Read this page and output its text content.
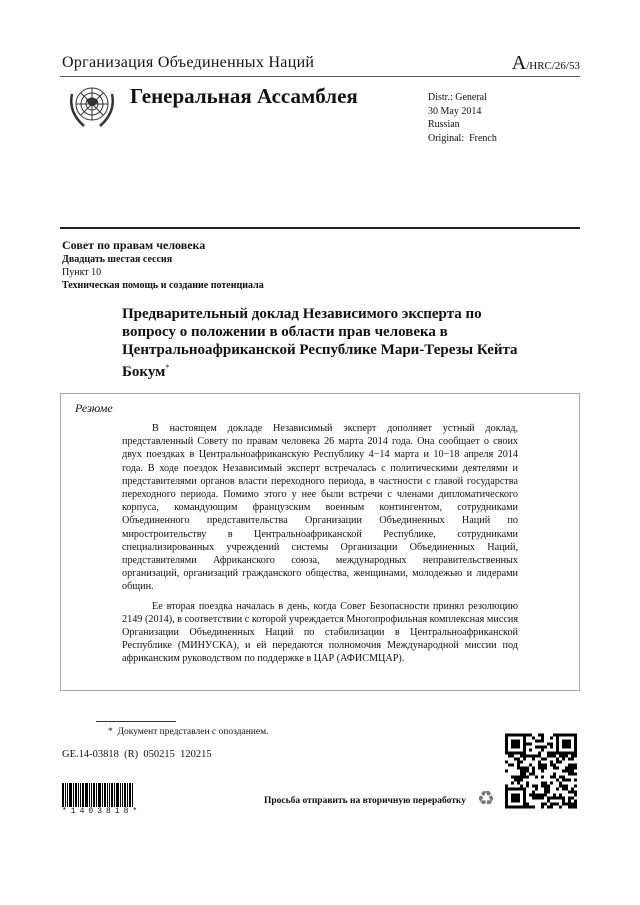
Организация Объединенных Наций	A/HRC/26/53
Генеральная Ассамблея	Distr.: General
30 May 2014
Russian
Original:  French
Совет по правам человека
Двадцать шестая сессия
Пункт 10
Техническая помощь и создание потенциала
Предварительный доклад Независимого эксперта по вопросу о положении в области прав человека в Центральноафриканской Республике Мари-Терезы Кейта Бокум*
Резюме

В настоящем докладе Независимый эксперт дополняет устный доклад, представленный Совету по правам человека 26 марта 2014 года. Она сообщает о своих двух поездках в Центральноафриканскую Республику 4−14 марта и 10−18 апреля 2014 года. В ходе поездок Независимый эксперт встречалась с политическими деятелями и представителями органов власти переходного периода, в частности с главой государства переходного периода. Помимо этого у нее были встречи с членами дипломатического корпуса, командующим французским военным контингентом, сотрудниками Объединенного представительства Организации Объединенных Наций по миростроительству в Центральноафриканской Республике, сотрудниками специализированных учреждений системы Организации Объединенных Наций, представителями Африканского союза, международных неправительственных организаций, организаций гражданского общества, женщинами, молодежью и лидерами общин.

Ее вторая поездка началась в день, когда Совет Безопасности принял резолюцию 2149 (2014), в соответствии с которой учреждается Многопрофильная комплексная миссия Организации Объединенных Наций по стабилизации в Центральноафриканской Республике (МИНУСКА), и ей передаются полномочия Международной миссии под африканским руководством по поддержке в ЦАР (АФИСМЦАР).

*  Документ представлен с опозданием.
GE.14-03818  (R)  050215  120215
*1403818*
Просьба отправить на вторичную переработку ♻
